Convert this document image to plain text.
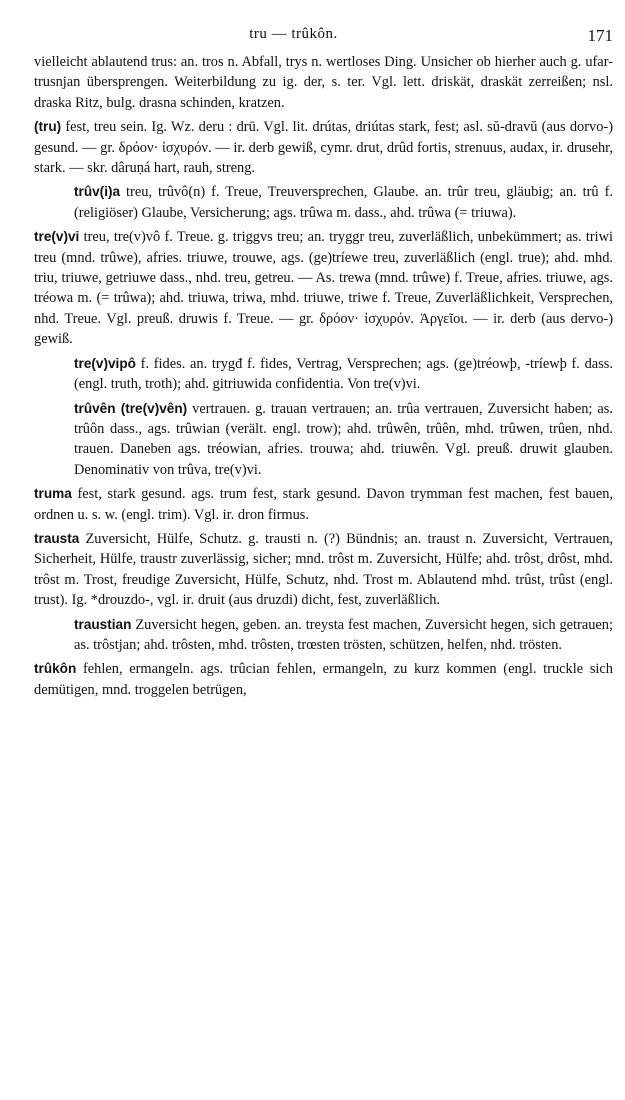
tru — trûkôn.	171

vielleicht ablautend trus: an. tros n. Abfall, trys n. wertloses Ding. Unsicher ob hierher auch g. ufar-trusnjan übersprengen. Weiterbildung zu ig. der, s. ter. Vgl. lett. driskät, draskät zerreißen; nsl. draska Ritz, bulg. drasna schinden, kratzen.

(tru) fest, treu sein. Ig. Wz. deru : drū. Vgl. lit. drútas, driútas stark, fest; asl. sŭ-dravŭ (aus dorvo-) gesund. — gr. δρόον· ἰσχυρόν. — ir. derb gewiß, cymr. drut, drûd fortis, strenuus, audax, ir. drusehr, stark. — skr. dâruṇá hart, rauh, streng.

trûv(i)a treu, trûvô(n) f. Treue, Treuversprechen, Glaube. an. trûr treu, gläubig; an. trû f. (religiöser) Glaube, Versicherung; ags. trûwa m. dass., ahd. trûwa (= triuwa).

tre(v)vi treu, tre(v)vô f. Treue. g. triggvs treu; an. tryggr treu, zuverläßlich, unbekümmert; as. triwi treu (mnd. trûwe), afries. triuwe, trouwe, ags. (ge)tríewe treu, zuverläßlich (engl. true); ahd. mhd. triu, triuwe, getriuwe dass., nhd. treu, getreu. — As. trewa (mnd. trûwe) f. Treue, afries. triuwe, ags. tréowa m. (= trûwa); ahd. triuwa, triwa, mhd. triuwe, triwe f. Treue, Zuverläßlichkeit, Versprechen, nhd. Treue. Vgl. preuß. druwis f. Treue. — gr. δρόον· ἰσχυρόν. Ἀργεῖοι. — ir. derb (aus dervo-) gewiß.

tre(v)vipô f. fides. an. trygđ f. fides, Vertrag, Versprechen; ags. (ge)tréowþ, -tríewþ f. dass. (engl. truth, troth); ahd. gitriuwida confidentia. Von tre(v)vi.

trûvên (tre(v)vên) vertrauen. g. trauan vertrauen; an. trûa vertrauen, Zuversicht haben; as. trûôn dass., ags. trûwian (verält. engl. trow); ahd. trûwên, trûên, mhd. trûwen, trûen, nhd. trauen. Daneben ags. tréowian, afries. trouwa; ahd. triuwên. Vgl. preuß. druwit glauben. Denominativ von trûva, tre(v)vi.

truma fest, stark gesund. ags. trum fest, stark gesund. Davon trymman fest machen, fest bauen, ordnen u. s. w. (engl. trim). Vgl. ir. dron firmus.

trausta Zuversicht, Hülfe, Schutz. g. trausti n. (?) Bündnis; an. traust n. Zuversicht, Vertrauen, Sicherheit, Hülfe, traustr zuverlässig, sicher; mnd. trôst m. Zuversicht, Hülfe; ahd. trôst, drôst, mhd. trôst m. Trost, freudige Zuversicht, Hülfe, Schutz, nhd. Trost m. Ablautend mhd. trûst, trûst (engl. trust). Ig. *drouzdo-, vgl. ir. druit (aus druzdi) dicht, fest, zuverläßlich.

traustian Zuversicht hegen, geben. an. treysta fest machen, Zuversicht hegen, sich getrauen; as. trôstjan; ahd. trôsten, mhd. trôsten, trœsten trösten, schützen, helfen, nhd. trösten.

trûkôn fehlen, ermangeln. ags. trûcian fehlen, ermangeln, zu kurz kommen (engl. truckle sich demütigen, mnd. troggelen betrügen,
